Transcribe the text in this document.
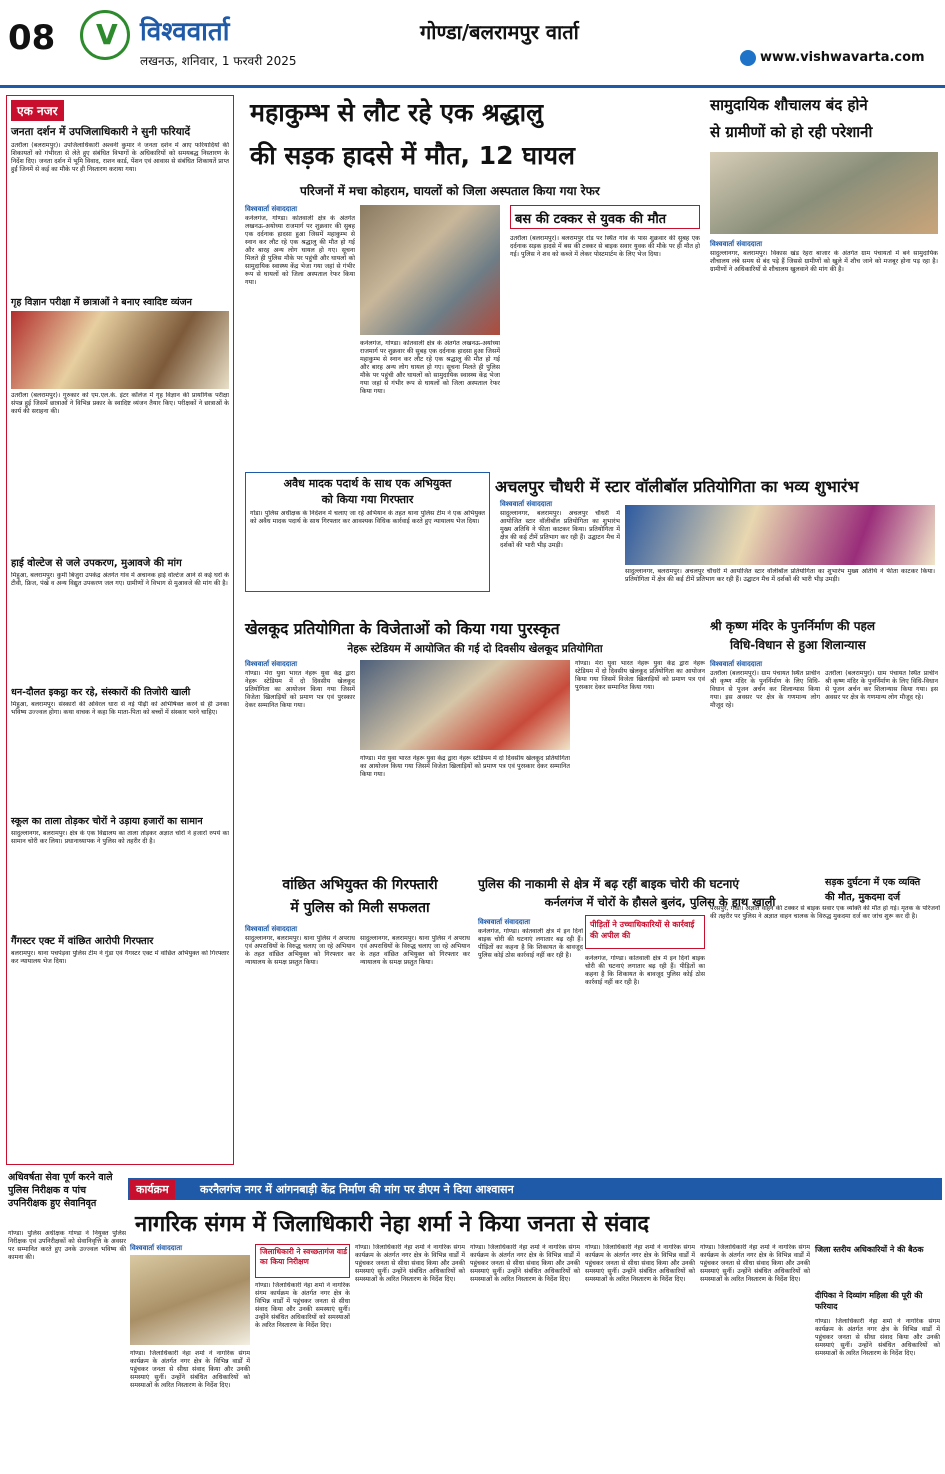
08 V विश्ववार्ता
लखनऊ, शनिवार, 1 फरवरी 2025
गोण्डा/बलरामपुर वार्ता
www.vishwavarta.com
एक नजर
जनता दर्शन में उपजिलाधिकारी ने सुनी फरियादें
उतरौला (बलरामपुर)। उपजिलाधिकारी अश्वनी कुमार ने जनता दर्शन में आए फरियादियों की शिकायतों को गंभीरता से लेते हुए संबंधित विभागों के अधिकारियों को समयबद्ध निस्तारण के निर्देश दिए। जनता दर्शन में भूमि विवाद, राशन कार्ड, पेंशन एवं आवास से संबंधित शिकायतें प्राप्त हुईं जिनमें से कई का मौके पर ही निस्तारण कराया गया।
गृह विज्ञान परीक्षा में छात्राओं ने बनाए स्वादिष्ट व्यंजन
उतरौला (बलरामपुर)। गुरुकार को एम.एल.के. इंटर कॉलेज में गृह विज्ञान की प्रायोगिक परीक्षा संपन्न हुई जिसमें छात्राओं ने विभिन्न प्रकार के स्वादिष्ट व्यंजन तैयार किए। परीक्षकों ने छात्राओं के कार्य की सराहना की।
हाई वोल्टेज से जले उपकरण, मुआवजे की मांग
मिहुआ, बलरामपुर। कुर्मी बिजुरा उपकेंद्र अंतर्गत गांव में अचानक हाई वोल्टेज आने से कई घरों के टीवी, फ्रिज, पंखे व अन्य विद्युत उपकरण जल गए। ग्रामीणों ने विभाग से मुआवजे की मांग की है।
धन-दौलत इकट्ठा कर रहे, संस्कारों की तिजोरी खाली
मिहुआ, बलरामपुर। संस्कारों की अविरल धारा से नई पीढ़ी को अभिषिक्त करने से ही उनका भविष्य उज्ज्वल होगा। कथा वाचक ने कहा कि माता-पिता को बच्चों में संस्कार भरने चाहिए।
स्कूल का ताला तोड़कर चोरों ने उड़ाया हजारों का सामान
सादुल्लानगर, बलरामपुर। क्षेत्र के एक विद्यालय का ताला तोड़कर अज्ञात चोरों ने हजारों रुपये का सामान चोरी कर लिया। प्रधानाध्यापक ने पुलिस को तहरीर दी है।
गैंगस्टर एक्ट में वांछित आरोपी गिरफ्तार
बलरामपुर। थाना पचपेड़वा पुलिस टीम ने गुंडा एवं गैंगस्टर एक्ट में वांछित अभियुक्त को गिरफ्तार कर न्यायालय भेज दिया।
महाकुम्भ से लौट रहे एक श्रद्धालु
की सड़क हादसे में मौत, 12 घायल
परिजनों में मचा कोहराम, घायलों को जिला अस्पताल किया गया रेफर
विश्ववार्ता संवाददाता
कर्नलगंज, गोण्डा। कोतवाली क्षेत्र के अंतर्गत लखनऊ-अयोध्या राजमार्ग पर शुक्रवार की सुबह एक दर्दनाक हादसा हुआ जिसमें महाकुम्भ से स्नान कर लौट रहे एक श्रद्धालु की मौत हो गई और बारह अन्य लोग घायल हो गए। सूचना मिलते ही पुलिस मौके पर पहुंची और घायलों को सामुदायिक स्वास्थ्य केंद्र भेजा गया जहां से गंभीर रूप से घायलों को जिला अस्पताल रेफर किया गया।
कर्नलगंज, गोण्डा। कोतवाली क्षेत्र के अंतर्गत लखनऊ-अयोध्या राजमार्ग पर शुक्रवार की सुबह एक दर्दनाक हादसा हुआ जिसमें महाकुम्भ से स्नान कर लौट रहे एक श्रद्धालु की मौत हो गई और बारह अन्य लोग घायल हो गए। सूचना मिलते ही पुलिस मौके पर पहुंची और घायलों को सामुदायिक स्वास्थ्य केंद्र भेजा गया जहां से गंभीर रूप से घायलों को जिला अस्पताल रेफर किया गया।
बस की टक्कर से युवक की मौत
उतरौला (बलरामपुर)। बलरामपुर रोड पर स्थित गांव के पास शुक्रवार की सुबह एक दर्दनाक सड़क हादसे में बस की टक्कर से बाइक सवार युवक की मौके पर ही मौत हो गई। पुलिस ने शव को कब्जे में लेकर पोस्टमार्टम के लिए भेज दिया।
सामुदायिक शौचालय बंद होने
से ग्रामीणों को हो रही परेशानी
विश्ववार्ता संवाददाता
सादुल्लानगर, बलरामपुर। विकास खंड रेहरा बाजार के अंतर्गत ग्राम पंचायतों में बने सामुदायिक शौचालय लंबे समय से बंद पड़े हैं जिससे ग्रामीणों को खुले में शौच जाने को मजबूर होना पड़ रहा है। ग्रामीणों ने अधिकारियों से शौचालय खुलवाने की मांग की है।
अवैध मादक पदार्थ के साथ एक अभियुक्त
को किया गया गिरफ्तार
गोंडा। पुलिस अधीक्षक के निर्देशन में चलाए जा रहे अभियान के तहत थाना पुलिस टीम ने एक अभियुक्त को अवैध मादक पदार्थ के साथ गिरफ्तार कर आवश्यक विधिक कार्रवाई करते हुए न्यायालय भेज दिया।
अचलपुर चौधरी में स्टार वॉलीबॉल प्रतियोगिता का भव्य शुभारंभ
विश्ववार्ता संवाददाता
सादुल्लानगर, बलरामपुर। अचलपुर चौधरी में आयोजित स्टार वॉलीबॉल प्रतियोगिता का शुभारंभ मुख्य अतिथि ने फीता काटकर किया। प्रतियोगिता में क्षेत्र की कई टीमें प्रतिभाग कर रही हैं। उद्घाटन मैच में दर्शकों की भारी भीड़ उमड़ी।
सादुल्लानगर, बलरामपुर। अचलपुर चौधरी में आयोजित स्टार वॉलीबॉल प्रतियोगिता का शुभारंभ मुख्य अतिथि ने फीता काटकर किया। प्रतियोगिता में क्षेत्र की कई टीमें प्रतिभाग कर रही हैं। उद्घाटन मैच में दर्शकों की भारी भीड़ उमड़ी।
खेलकूद प्रतियोगिता के विजेताओं को किया गया पुरस्कृत
नेहरू स्टेडियम में आयोजित की गई दो दिवसीय खेलकूद प्रतियोगिता
विश्ववार्ता संवाददाता
गोण्डा। मेरा युवा भारत नेहरू युवा केंद्र द्वारा नेहरू स्टेडियम में दो दिवसीय खेलकूद प्रतियोगिता का आयोजन किया गया जिसमें विजेता खिलाड़ियों को प्रमाण पत्र एवं पुरस्कार देकर सम्मानित किया गया।
गोण्डा। मेरा युवा भारत नेहरू युवा केंद्र द्वारा नेहरू स्टेडियम में दो दिवसीय खेलकूद प्रतियोगिता का आयोजन किया गया जिसमें विजेता खिलाड़ियों को प्रमाण पत्र एवं पुरस्कार देकर सम्मानित किया गया।
गोण्डा। मेरा युवा भारत नेहरू युवा केंद्र द्वारा नेहरू स्टेडियम में दो दिवसीय खेलकूद प्रतियोगिता का आयोजन किया गया जिसमें विजेता खिलाड़ियों को प्रमाण पत्र एवं पुरस्कार देकर सम्मानित किया गया।
श्री कृष्ण मंदिर के पुनर्निर्माण की पहल
विधि-विधान से हुआ शिलान्यास
विश्ववार्ता संवाददाता
उतरौला (बलरामपुर)। ग्राम पंचायत स्थित प्राचीन श्री कृष्ण मंदिर के पुनर्निर्माण के लिए विधि-विधान से पूजन अर्चन कर शिलान्यास किया गया। इस अवसर पर क्षेत्र के गणमान्य लोग मौजूद रहे।
उतरौला (बलरामपुर)। ग्राम पंचायत स्थित प्राचीन श्री कृष्ण मंदिर के पुनर्निर्माण के लिए विधि-विधान से पूजन अर्चन कर शिलान्यास किया गया। इस अवसर पर क्षेत्र के गणमान्य लोग मौजूद रहे।
वांछित अभियुक्त की गिरफ्तारी
में पुलिस को मिली सफलता
विश्ववार्ता संवाददाता
सादुल्लानगर, बलरामपुर। थाना पुलिस ने अपराध एवं अपराधियों के विरुद्ध चलाए जा रहे अभियान के तहत वांछित अभियुक्त को गिरफ्तार कर न्यायालय के समक्ष प्रस्तुत किया।
सादुल्लानगर, बलरामपुर। थाना पुलिस ने अपराध एवं अपराधियों के विरुद्ध चलाए जा रहे अभियान के तहत वांछित अभियुक्त को गिरफ्तार कर न्यायालय के समक्ष प्रस्तुत किया।
पुलिस की नाकामी से क्षेत्र में बढ़ रहीं बाइक चोरी की घटनाएं
कर्नलगंज में चोरों के हौसले बुलंद, पुलिस के हाथ खाली
विश्ववार्ता संवाददाता	पीड़ितों ने उच्चाधिकारियों से कार्रवाई की अपील की
कर्नलगंज, गोण्डा। कोतवाली क्षेत्र में इन दिनों बाइक चोरी की घटनाएं लगातार बढ़ रही हैं। पीड़ितों का कहना है कि शिकायत के बावजूद पुलिस कोई ठोस कार्रवाई नहीं कर रही है।	कर्नलगंज, गोण्डा। कोतवाली क्षेत्र में इन दिनों बाइक चोरी की घटनाएं लगातार बढ़ रही हैं। पीड़ितों का कहना है कि शिकायत के बावजूद पुलिस कोई ठोस कार्रवाई नहीं कर रही है।
सड़क दुर्घटना में एक व्यक्ति
की मौत, मुकदमा दर्ज
परसपुर, गोंडा। अज्ञात वाहन की टक्कर से बाइक सवार एक व्यक्ति की मौत हो गई। मृतक के परिजनों की तहरीर पर पुलिस ने अज्ञात वाहन चालक के विरुद्ध मुकदमा दर्ज कर जांच शुरू कर दी है।
अधिवर्षता सेवा पूर्ण करने वाले पुलिस निरीक्षक व पांच उपनिरीक्षक हुए सेवानिवृत
गोण्डा। पुलिस अधीक्षक गोण्डा ने नियुक्त पुलिस निरीक्षक एवं उपनिरीक्षकों को सेवानिवृत्ति के अवसर पर सम्मानित करते हुए उनके उज्ज्वल भविष्य की कामना की।
कार्यक्रम	करनैलगंज नगर में आंगनबाड़ी केंद्र निर्माण की मांग पर डीएम ने दिया आश्वासन
नागरिक संगम में जिलाधिकारी नेहा शर्मा ने किया जनता से संवाद
विश्ववार्ता संवाददाता
गोण्डा। जिलाधिकारी नेहा शर्मा ने नागरिक संगम कार्यक्रम के अंतर्गत नगर क्षेत्र के विभिन्न वार्डों में पहुंचकर जनता से सीधा संवाद किया और उनकी समस्याएं सुनीं। उन्होंने संबंधित अधिकारियों को समस्याओं के त्वरित निस्तारण के निर्देश दिए।
जिलाधिकारी ने स्वच्छतागंज वार्ड का किया निरीक्षण
गोण्डा। जिलाधिकारी नेहा शर्मा ने नागरिक संगम कार्यक्रम के अंतर्गत नगर क्षेत्र के विभिन्न वार्डों में पहुंचकर जनता से सीधा संवाद किया और उनकी समस्याएं सुनीं। उन्होंने संबंधित अधिकारियों को समस्याओं के त्वरित निस्तारण के निर्देश दिए।
गोण्डा। जिलाधिकारी नेहा शर्मा ने नागरिक संगम कार्यक्रम के अंतर्गत नगर क्षेत्र के विभिन्न वार्डों में पहुंचकर जनता से सीधा संवाद किया और उनकी समस्याएं सुनीं। उन्होंने संबंधित अधिकारियों को समस्याओं के त्वरित निस्तारण के निर्देश दिए।
गोण्डा। जिलाधिकारी नेहा शर्मा ने नागरिक संगम कार्यक्रम के अंतर्गत नगर क्षेत्र के विभिन्न वार्डों में पहुंचकर जनता से सीधा संवाद किया और उनकी समस्याएं सुनीं। उन्होंने संबंधित अधिकारियों को समस्याओं के त्वरित निस्तारण के निर्देश दिए।
गोण्डा। जिलाधिकारी नेहा शर्मा ने नागरिक संगम कार्यक्रम के अंतर्गत नगर क्षेत्र के विभिन्न वार्डों में पहुंचकर जनता से सीधा संवाद किया और उनकी समस्याएं सुनीं। उन्होंने संबंधित अधिकारियों को समस्याओं के त्वरित निस्तारण के निर्देश दिए।
गोण्डा। जिलाधिकारी नेहा शर्मा ने नागरिक संगम कार्यक्रम के अंतर्गत नगर क्षेत्र के विभिन्न वार्डों में पहुंचकर जनता से सीधा संवाद किया और उनकी समस्याएं सुनीं। उन्होंने संबंधित अधिकारियों को समस्याओं के त्वरित निस्तारण के निर्देश दिए।
जिला स्तरीय अधिकारियों ने की बैठक
दीपिका ने दिव्यांग महिला की पूरी की फरियाद
गोण्डा। जिलाधिकारी नेहा शर्मा ने नागरिक संगम कार्यक्रम के अंतर्गत नगर क्षेत्र के विभिन्न वार्डों में पहुंचकर जनता से सीधा संवाद किया और उनकी समस्याएं सुनीं। उन्होंने संबंधित अधिकारियों को समस्याओं के त्वरित निस्तारण के निर्देश दिए।
